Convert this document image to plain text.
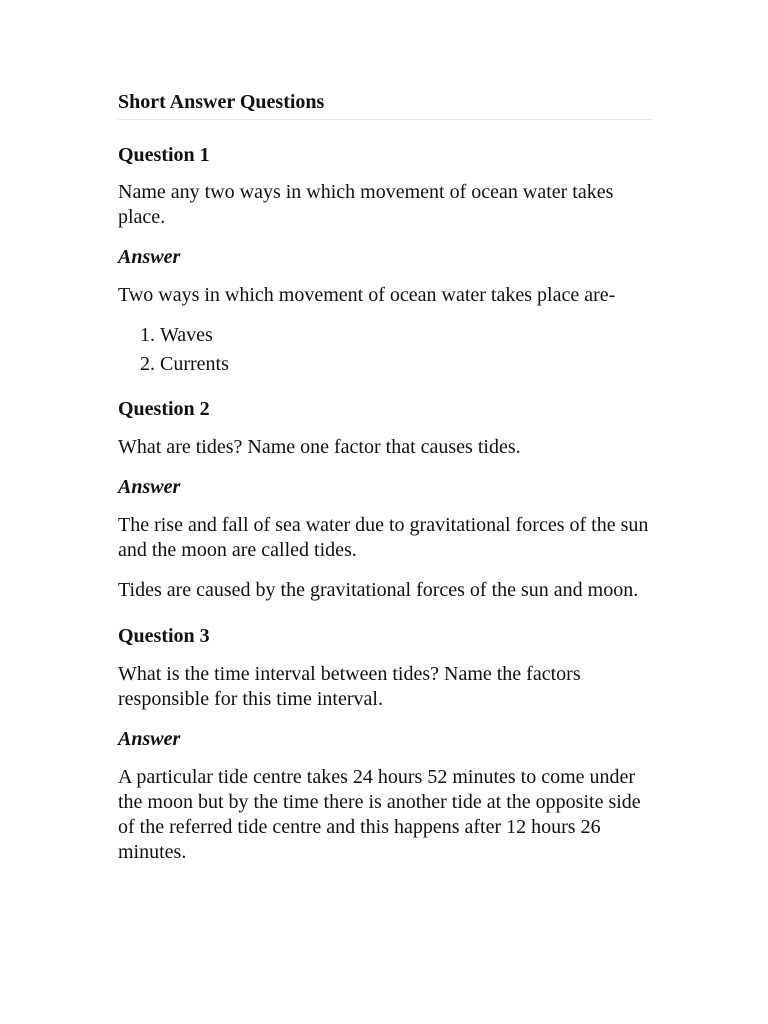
Short Answer Questions
Question 1

Name any two ways in which movement of ocean water takes place.

Answer

Two ways in which movement of ocean water takes place are-

1. Waves
2. Currents
Question 2

What are tides? Name one factor that causes tides.

Answer

The rise and fall of sea water due to gravitational forces of the sun and the moon are called tides.

Tides are caused by the gravitational forces of the sun and moon.

Question 3

What is the time interval between tides? Name the factors responsible for this time interval.

Answer

A particular tide centre takes 24 hours 52 minutes to come under the moon but by the time there is another tide at the opposite side of the referred tide centre and this happens after 12 hours 26 minutes.
